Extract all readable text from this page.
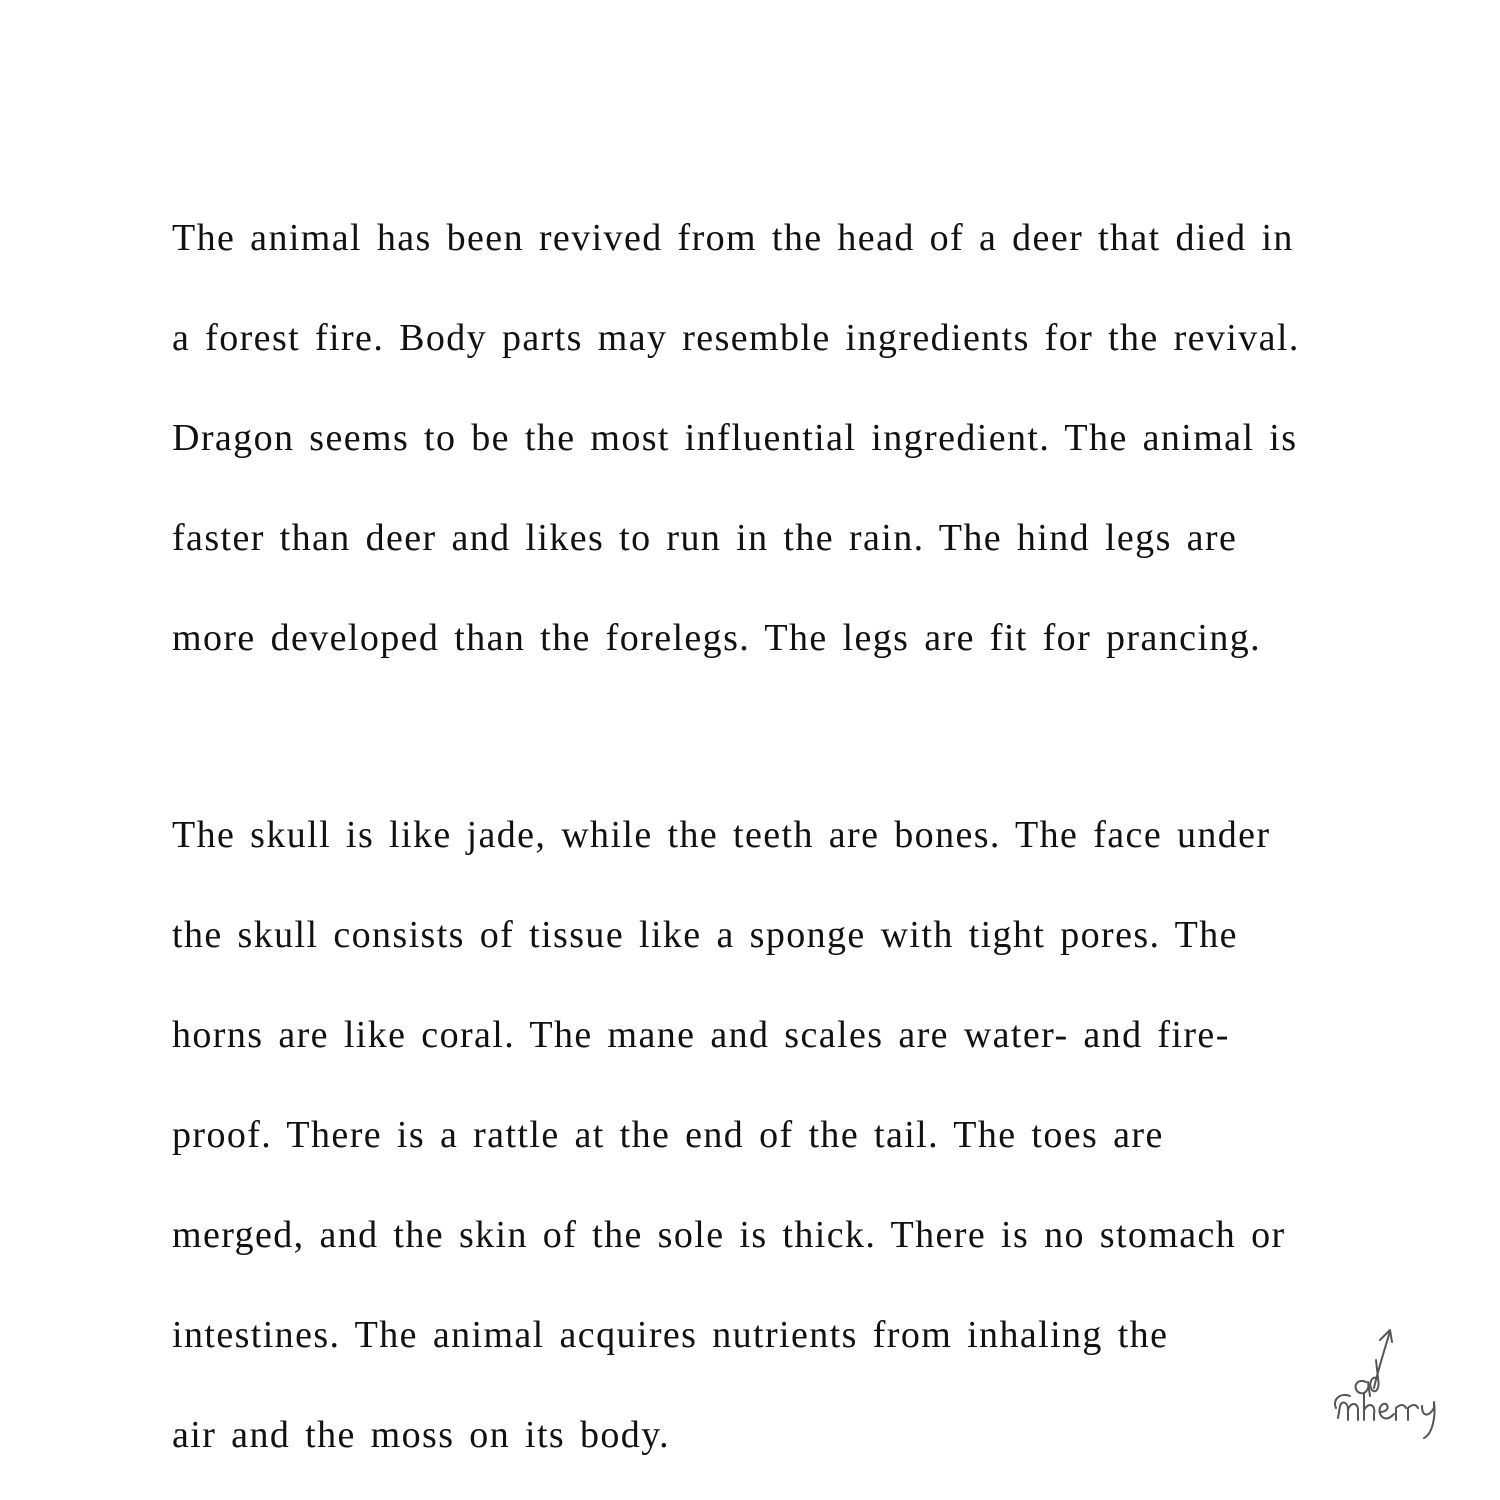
The animal has been revived from the head of a deer that died in
a forest fire. Body parts may resemble ingredients for the revival.
Dragon seems to be the most influential ingredient. The animal is
faster than deer and likes to run in the rain. The hind legs are
more developed than the forelegs. The legs are fit for prancing.
The skull is like jade, while the teeth are bones. The face under
the skull consists of tissue like a sponge with tight pores. The
horns are like coral. The mane and scales are water- and fire-
proof. There is a rattle at the end of the tail. The toes are
merged, and the skin of the sole is thick. There is no stomach or
intestines. The animal acquires nutrients from inhaling the
air and the moss on its body.
